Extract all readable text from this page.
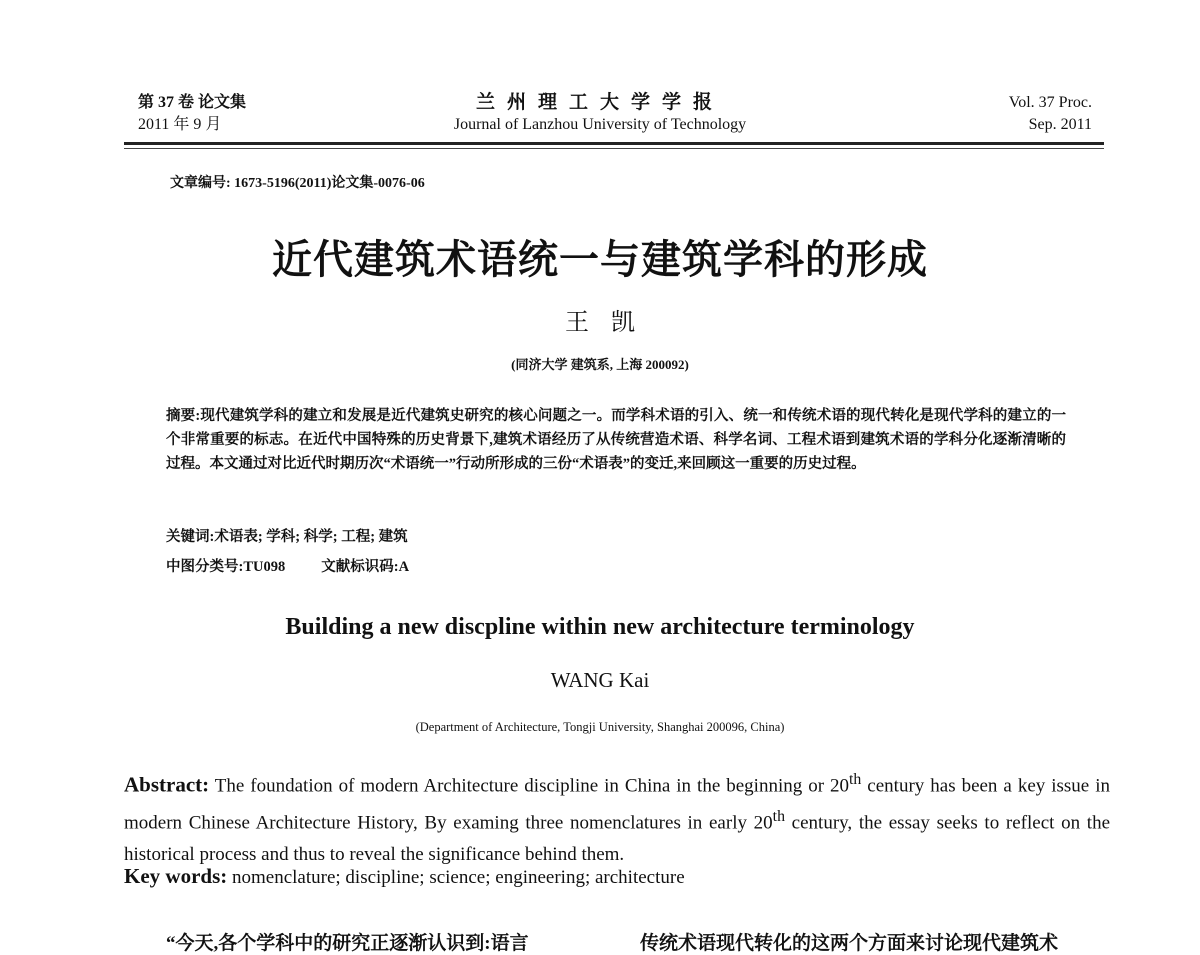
第 37 卷 论文集
2011 年 9 月
兰州理工大学学报
Journal of Lanzhou University of Technology
Vol. 37 Proc.
Sep. 2011
文章编号: 1673-5196(2011)论文集-0076-06
近代建筑术语统一与建筑学科的形成
王凯
(同济大学 建筑系, 上海 200092)
摘要:现代建筑学科的建立和发展是近代建筑史研究的核心问题之一。而学科术语的引入、统一和传统术语的现代转化是现代学科的建立的一个非常重要的标志。在近代中国特殊的历史背景下,建筑术语经历了从传统营造术语、科学名词、工程术语到建筑术语的学科分化逐渐清晰的过程。本文通过对比近代时期历次“术语统一”行动所形成的三份“术语表”的变迁,来回顾这一重要的历史过程。
关键词:术语表; 学科; 科学; 工程; 建筑
中图分类号:TU098 文献标识码:A
Building a new discpline within new architecture terminology
WANG Kai
(Department of Architecture, Tongji University, Shanghai 200096, China)
Abstract: The foundation of modern Architecture discipline in China in the beginning or 20th century has been a key issue in modern Chinese Architecture History, By examing three nomenclatures in early 20th century, the essay seeks to reflect on the historical process and thus to reveal the significance behind them.
Key words: nomenclature; discipline; science; engineering; architecture
“今天,各个学科中的研究正逐渐认识到:语言	传统术语现代转化的这两个方面来讨论现代建筑术
